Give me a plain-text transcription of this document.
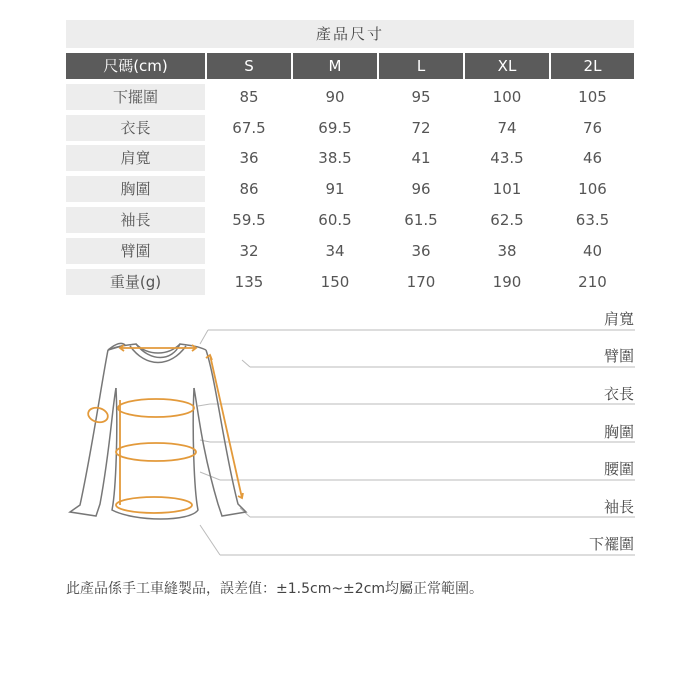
產品尺寸
尺碼(cm)	S	M	L	XL	2L
下擺圍	85	90	95	100	105
衣長	67.5	69.5	72	74	76
肩寬	36	38.5	41	43.5	46
胸圍	86	91	96	101	106
袖長	59.5	60.5	61.5	62.5	63.5
臂圍	32	34	36	38	40
重量(g)	135	150	170	190	210
肩寬
臂圍
衣長
胸圍
腰圍
袖長
下襬圍
此產品係手工車縫製品，誤差值：±1.5cm~±2cm均屬正常範圍。
